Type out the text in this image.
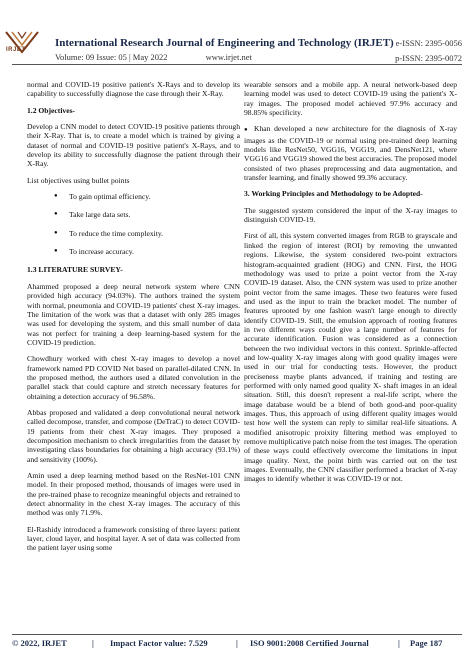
IRJET
International Research Journal of Engineering and Technology (IRJET)
Volume: 09 Issue: 05 | May 2022	www.irjet.net
e-ISSN: 2395-0056
p-ISSN: 2395-0072

normal and COVID-19 positive patient's X-Rays and to develop its capability to successfully diagnose the case through their X-Ray.

1.2 Objectives-

Develop a CNN model to detect COVID-19 positive patients through their X-Ray. That is, to create a model which is trained by giving a dataset of normal and COVID-19 positive patient's X-Rays, and to develop its ability to successfully diagnose the patient through their X-Ray.

List objectives using bullet points

● To gain optimal efficiency.
● Take large data sets.
● To reduce the time complexity.
● To increase accuracy.
1.3 LITERATURE SURVEY-

Ahammed proposed a deep neural network system where CNN provided high accuracy (94.03%). The authors trained the system with normal, pneumonia and COVID-19 patients' chest X-ray images. The limitation of the work was that a dataset with only 285 images was used for developing the system, and this small number of data was not perfect for training a deep learning-based system for the COVID-19 prediction.

Chowdhury worked with chest X-ray images to develop a novel framework named PD COVID Net based on parallel-dilated CNN. In the proposed method, the authors used a dilated convolution in the parallel stack that could capture and stretch necessary features for obtaining a detection accuracy of 96.58%.

Abbas proposed and validated a deep convolutional neural network called decompose, transfer, and compose (DeTraC) to detect COVID-19 patients from their chest X-ray images. They proposed a decomposition mechanism to check irregularities from the dataset by investigating class boundaries for obtaining a high accuracy (93.1%) and sensitivity (100%).

Amin used a deep learning method based on the ResNet-101 CNN model. In their proposed method, thousands of images were used in the pre-trained phase to recognize meaningful objects and retrained to detect abnormality in the chest X-ray images. The accuracy of this method was only 71.9%.

El-Rashidy introduced a framework consisting of three layers: patient layer, cloud layer, and hospital layer. A set of data was collected from the patient layer using some

wearable sensors and a mobile app. A neural network-based deep learning model was used to detect COVID-19 using the patient's X-ray images. The proposed model achieved 97.9% accuracy and 98.85% specificity.

● Khan developed a new architecture for the diagnosis of X-ray images as the COVID-19 or normal using pre-trained deep learning models like ResNet50, VGG16, VGG19, and DensNet121, where VGG16 and VGG19 showed the best accuracies. The proposed model consisted of two phases preprocessing and data augmentation, and transfer learning, and finally showed 99.3% accuracy.

3. Working Principles and Methodology to be Adopted-

The suggested system considered the input of the X-ray images to distinguish COVID-19.

First of all, this system converted images from RGB to grayscale and linked the region of interest (ROI) by removing the unwanted regions. Likewise, the system considered two-point extractors histogram-acquainted gradient (HOG) and CNN. First, the HOG methodology was used to prize a point vector from the X-ray COVID-19 dataset. Also, the CNN system was used to prize another point vector from the same images. These two features were fused and used as the input to train the bracket model. The number of features uprooted by one fashion wasn't large enough to directly identify COVID-19. Still, the emulsion approach of rooting features in two different ways could give a large number of features for accurate identification. Fusion was considered as a connection between the two individual vectors in this context. Sprinkle-affected and low-quality X-ray images along with good quality images were used in our trial for conducting tests. However, the product preciseness maybe plants advanced, if training and testing are performed with only named good quality X- shaft images in an ideal situation. Still, this doesn't represent a real-life script, where the image database would be a blend of both good-and poor-quality images. Thus, this approach of using different quality images would test how well the system can reply to similar real-life situations. A modified anisotropic proixity filtering method was employed to remove multiplicative patch noise from the test images. The operation of these ways could effectively overcome the limitations in input image quality. Next, the point birth was carried out on the test images. Eventually, the CNN classifier performed a bracket of X-ray images to identify whether it was COVID-19 or not.

© 2022, IRJET	| Impact Factor value: 7.529	| ISO 9001:2008 Certified Journal	| Page 187
